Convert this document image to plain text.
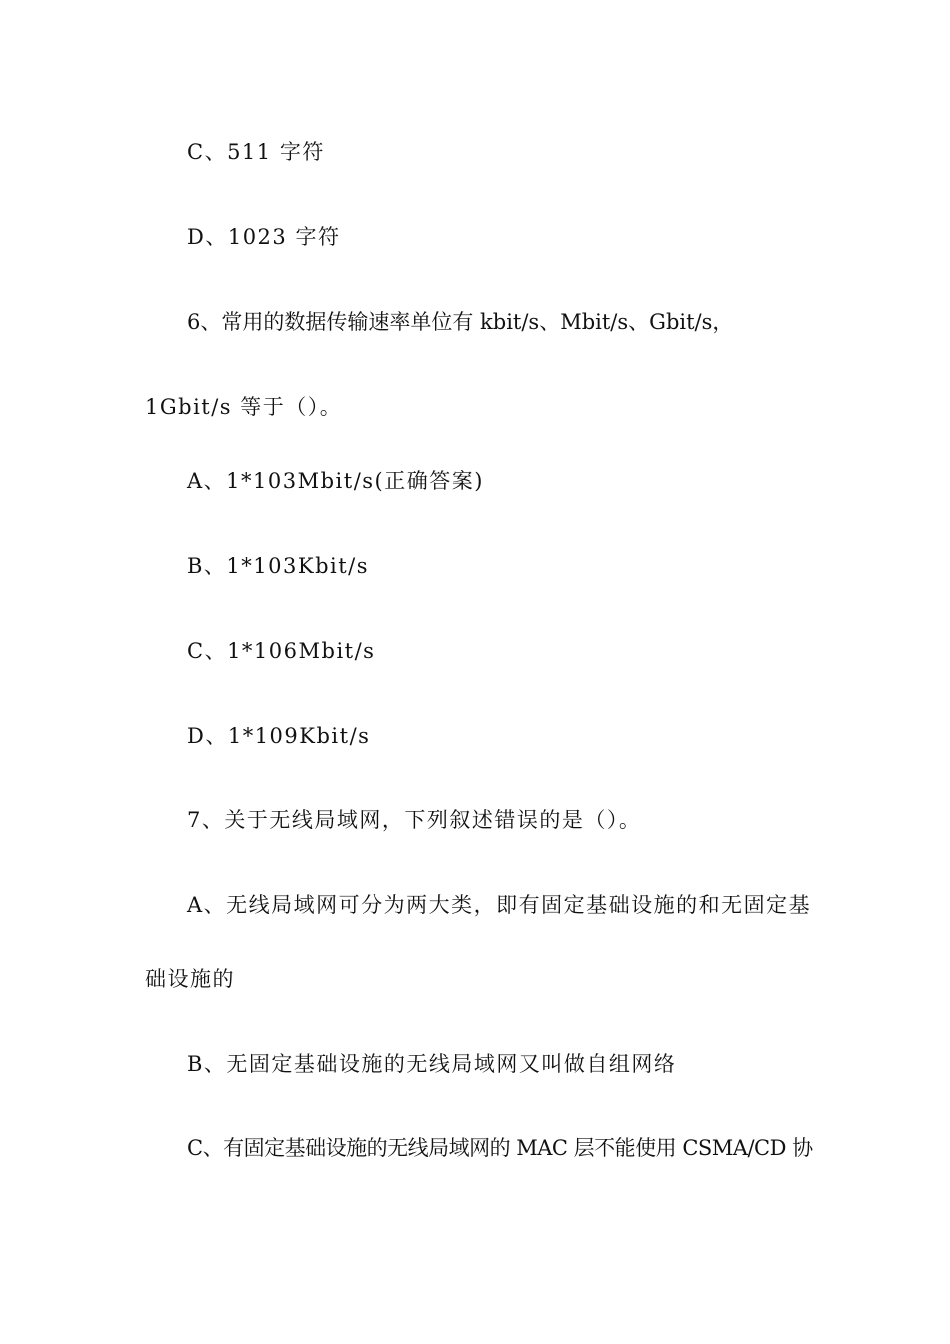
C、511 字符
D、1023 字符
6、常用的数据传输速率单位有 kbit/s、Mbit/s、Gbit/s，
1Gbit/s 等于（）。
A、1*103Mbit/s(正确答案)
B、1*103Kbit/s
C、1*106Mbit/s
D、1*109Kbit/s
7、关于无线局域网，下列叙述错误的是（）。
A、无线局域网可分为两大类，即有固定基础设施的和无固定基
础设施的
B、无固定基础设施的无线局域网又叫做自组网络
C、有固定基础设施的无线局域网的 MAC 层不能使用 CSMA/CD 协
